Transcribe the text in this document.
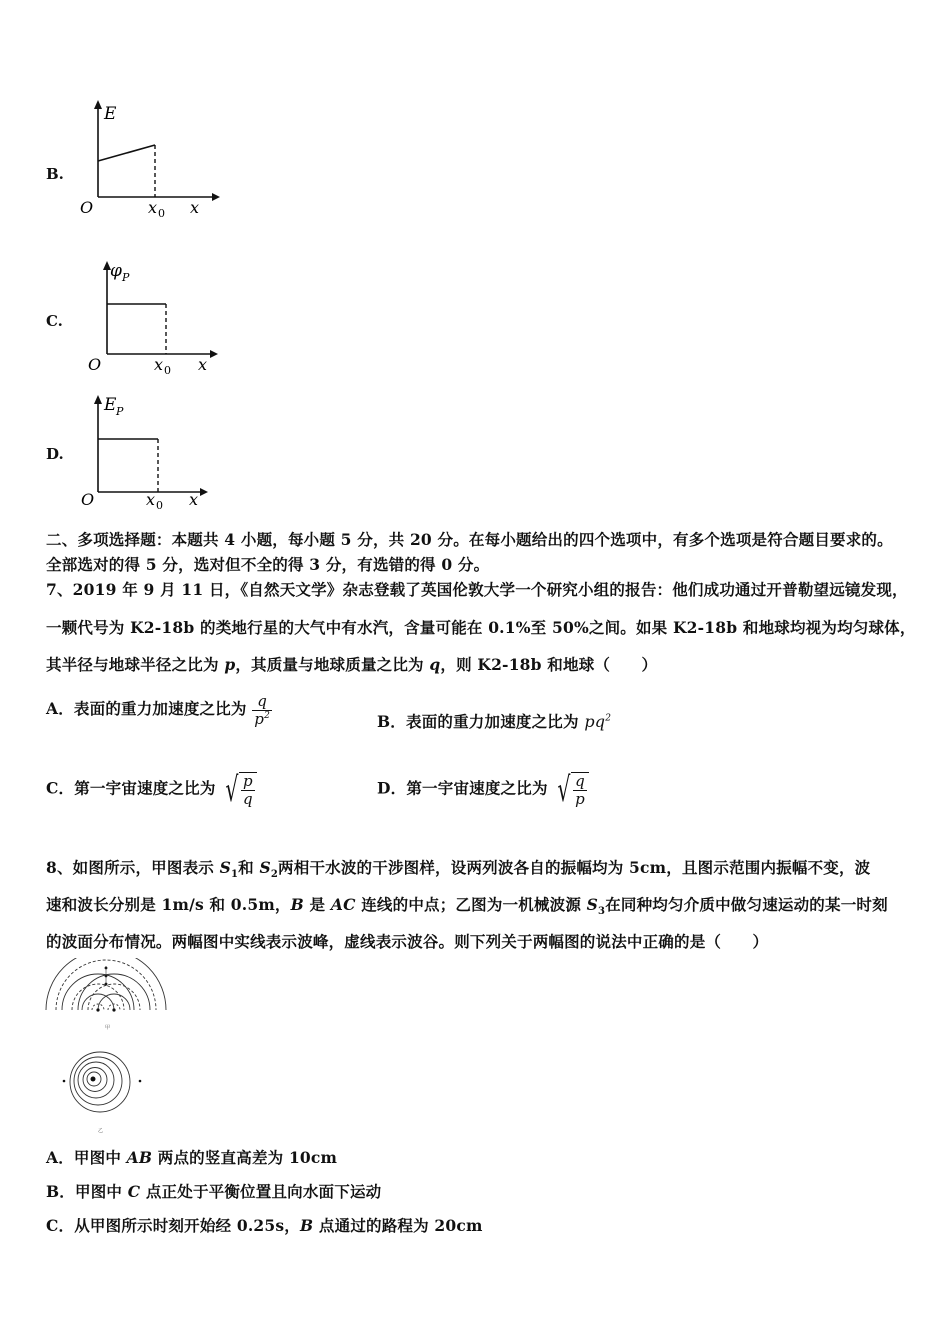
B.
E
O	x 0 x
C.
φ P
O	x 0 x
D.
E P
O	x 0 x
二、多项选择题：本题共 4 小题，每小题 5 分，共 20 分。在每小题给出的四个选项中，有多个选项是符合题目要求的。
全部选对的得 5 分，选对但不全的得 3 分，有选错的得 0 分。
7、2019 年 9 月 11 日，《自然天文学》杂志登载了英国伦敦大学一个研究小组的报告：他们成功通过开普勒望远镜发现，
一颗代号为 K2-18b 的类地行星的大气中有水汽，含量可能在 0.1%至 50%之间。如果 K2-18b 和地球均视为均匀球体，
其半径与地球半径之比为 p，其质量与地球质量之比为 q，则 K2-18b 和地球（　　）
A．表面的重力加速度之比为 $\frac{q}{p^2}$	B．表面的重力加速度之比为 $pq^2$
C．第一宇宙速度之比为 √ $\frac{p}{q}$	D．第一宇宙速度之比为 √ $\frac{q}{p}$
8、如图所示，甲图表示 $S_1$和 $S_2$两相干水波的干涉图样，设两列波各自的振幅均为 5cm，且图示范围内振幅不变，波
速和波长分别是 1m/s 和 0.5m，B 是 AC 连线的中点；乙图为一机械波源 $S_3$在同种均匀介质中做匀速运动的某一时刻
的波面分布情况。两幅图中实线表示波峰，虚线表示波谷。则下列关于两幅图的说法中正确的是（　　）
甲
乙
A．甲图中 AB 两点的竖直高差为 10cm
B．甲图中 C 点正处于平衡位置且向水面下运动
C．从甲图所示时刻开始经 0.25s，B 点通过的路程为 20cm
